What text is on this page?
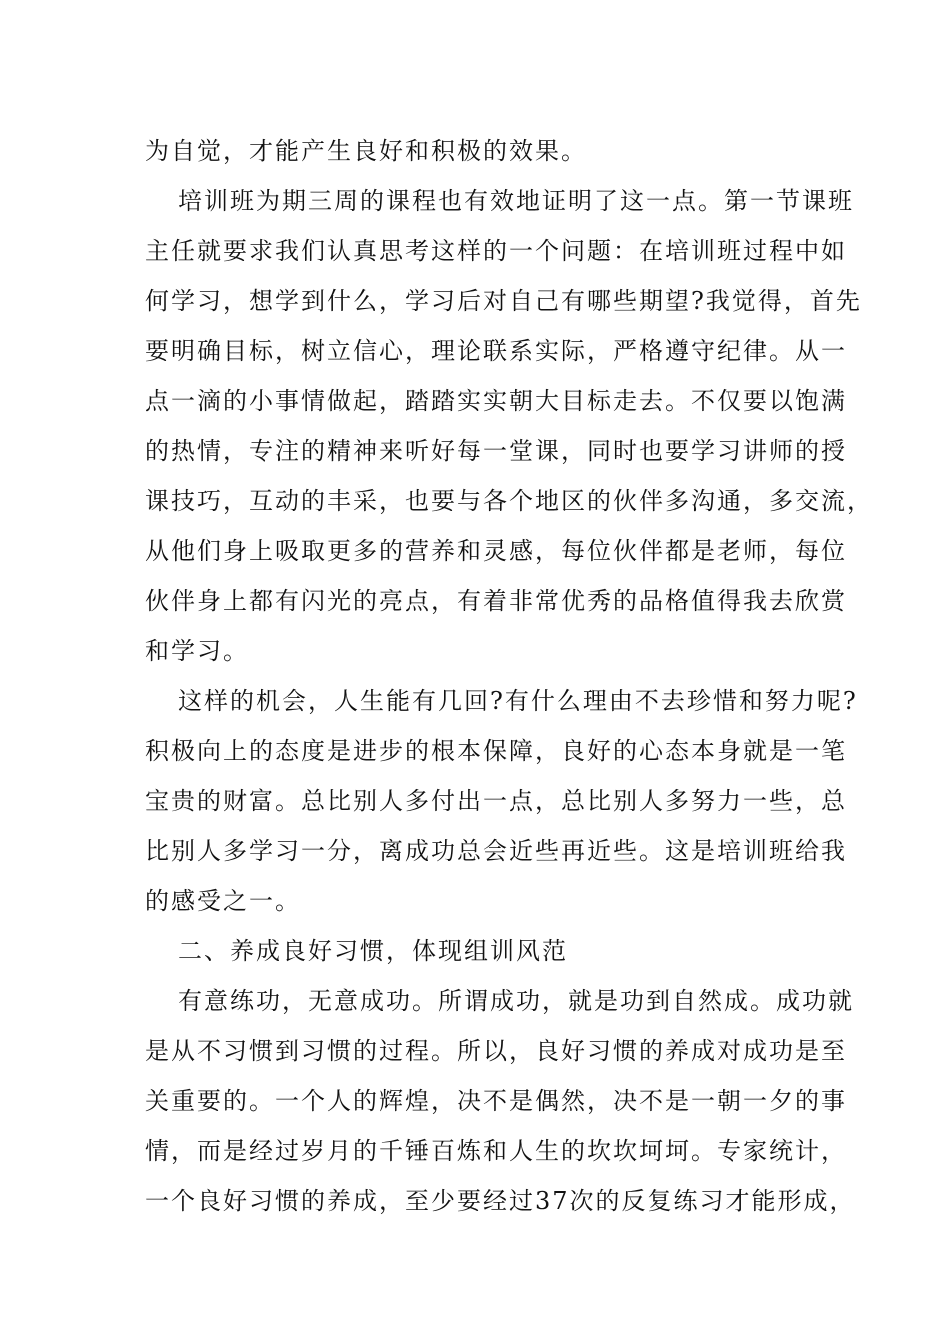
为自觉，才能产生良好和积极的效果。
培训班为期三周的课程也有效地证明了这一点。第一节课班
主任就要求我们认真思考这样的一个问题：在培训班过程中如
何学习，想学到什么，学习后对自己有哪些期望?我觉得，首先
要明确目标，树立信心，理论联系实际，严格遵守纪律。从一
点一滴的小事情做起，踏踏实实朝大目标走去。不仅要以饱满
的热情，专注的精神来听好每一堂课，同时也要学习讲师的授
课技巧，互动的丰采，也要与各个地区的伙伴多沟通，多交流，
从他们身上吸取更多的营养和灵感，每位伙伴都是老师，每位
伙伴身上都有闪光的亮点，有着非常优秀的品格值得我去欣赏
和学习。
这样的机会，人生能有几回?有什么理由不去珍惜和努力呢?
积极向上的态度是进步的根本保障，良好的心态本身就是一笔
宝贵的财富。总比别人多付出一点，总比别人多努力一些，总
比别人多学习一分，离成功总会近些再近些。这是培训班给我
的感受之一。
二、养成良好习惯，体现组训风范
有意练功，无意成功。所谓成功，就是功到自然成。成功就
是从不习惯到习惯的过程。所以，良好习惯的养成对成功是至
关重要的。一个人的辉煌，决不是偶然，决不是一朝一夕的事
情，而是经过岁月的千锤百炼和人生的坎坎坷坷。专家统计，
一个良好习惯的养成，至少要经过37次的反复练习才能形成，
